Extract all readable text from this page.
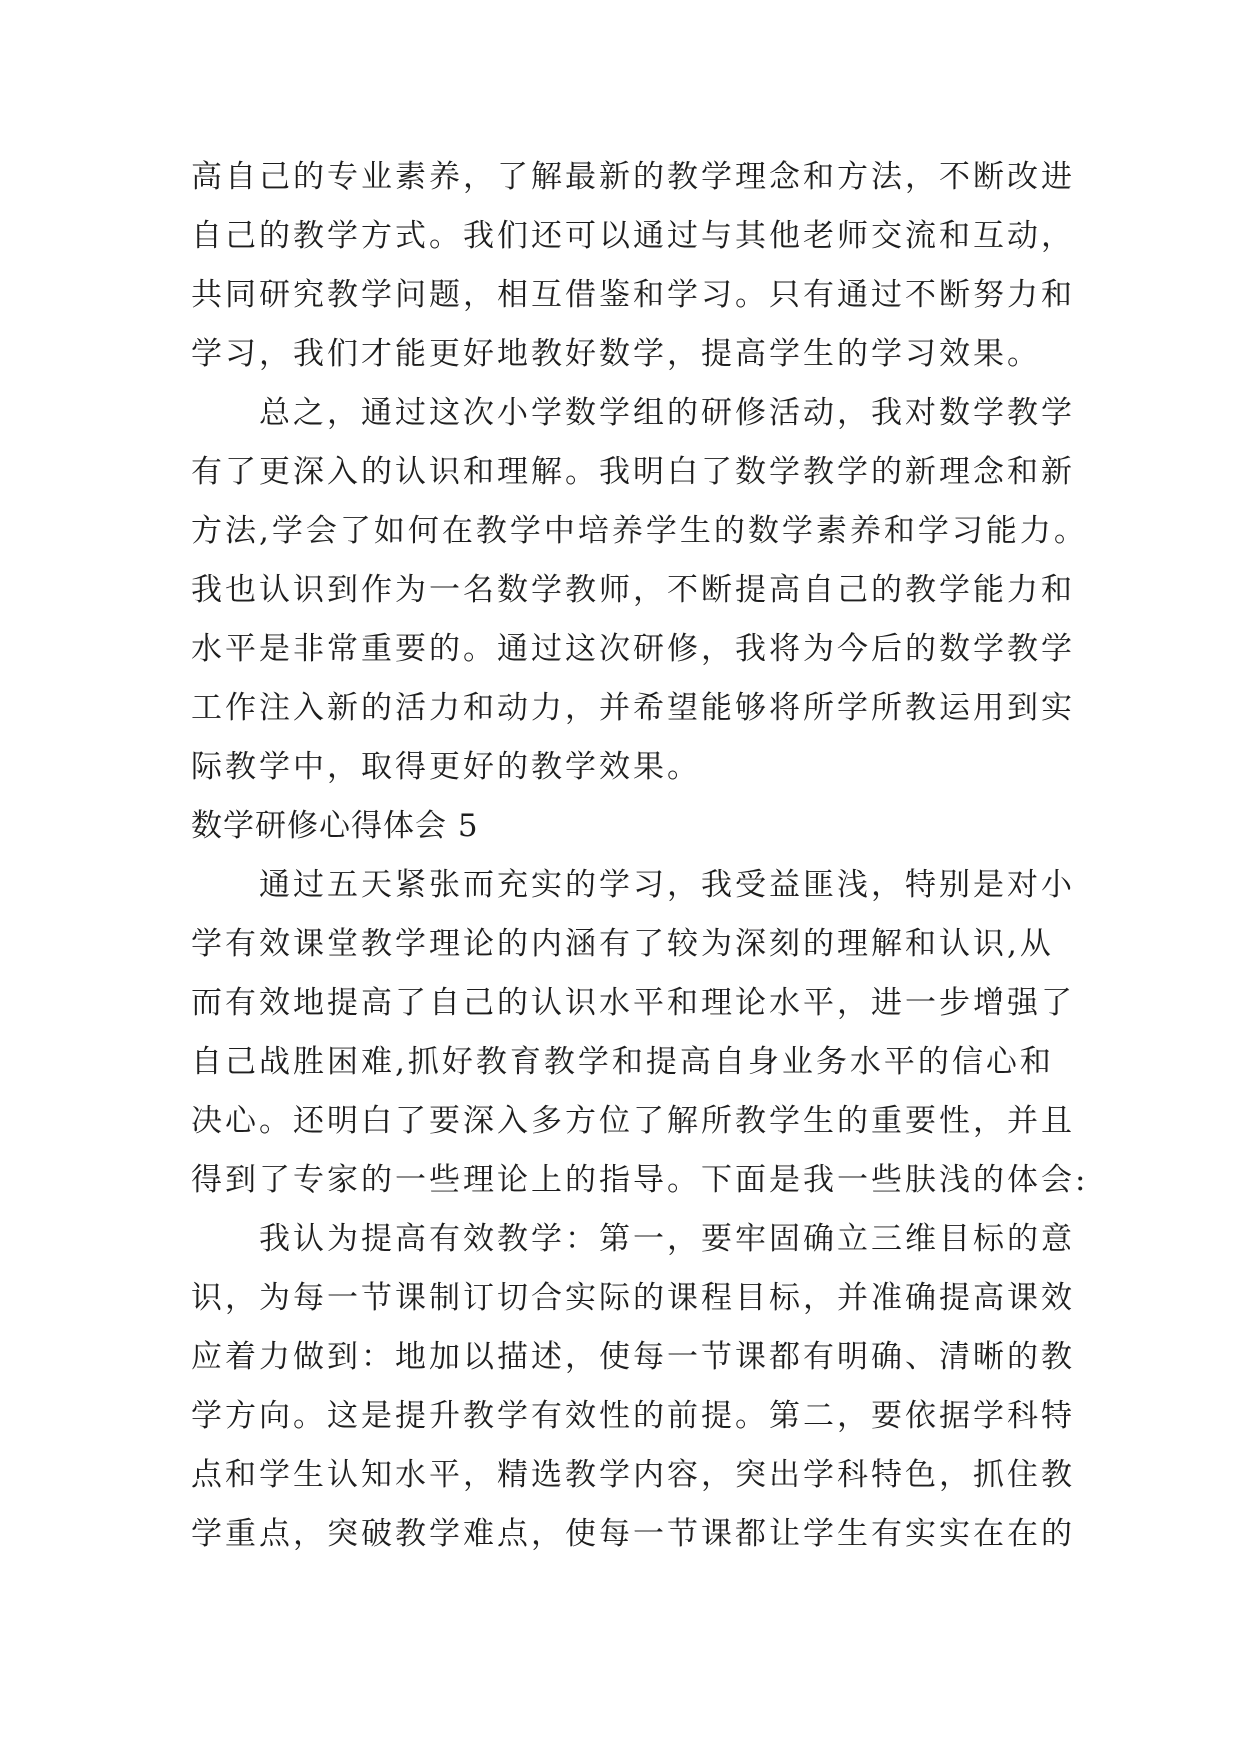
高自己的专业素养，了解最新的教学理念和方法，不断改进
自己的教学方式。我们还可以通过与其他老师交流和互动，
共同研究教学问题，相互借鉴和学习。只有通过不断努力和
学习，我们才能更好地教好数学，提高学生的学习效果。
　　总之，通过这次小学数学组的研修活动，我对数学教学
有了更深入的认识和理解。我明白了数学教学的新理念和新
方法,学会了如何在教学中培养学生的数学素养和学习能力。
我也认识到作为一名数学教师，不断提高自己的教学能力和
水平是非常重要的。通过这次研修，我将为今后的数学教学
工作注入新的活力和动力，并希望能够将所学所教运用到实
际教学中，取得更好的教学效果。
数学研修心得体会 5
　　通过五天紧张而充实的学习，我受益匪浅，特别是对小
学有效课堂教学理论的内涵有了较为深刻的理解和认识,从
而有效地提高了自己的认识水平和理论水平，进一步增强了
自己战胜困难,抓好教育教学和提高自身业务水平的信心和
决心。还明白了要深入多方位了解所教学生的重要性，并且
得到了专家的一些理论上的指导。下面是我一些肤浅的体会:
　　我认为提高有效教学：第一，要牢固确立三维目标的意
识，为每一节课制订切合实际的课程目标，并准确提高课效
应着力做到：地加以描述，使每一节课都有明确、清晰的教
学方向。这是提升教学有效性的前提。第二，要依据学科特
点和学生认知水平，精选教学内容，突出学科特色，抓住教
学重点，突破教学难点，使每一节课都让学生有实实在在的
